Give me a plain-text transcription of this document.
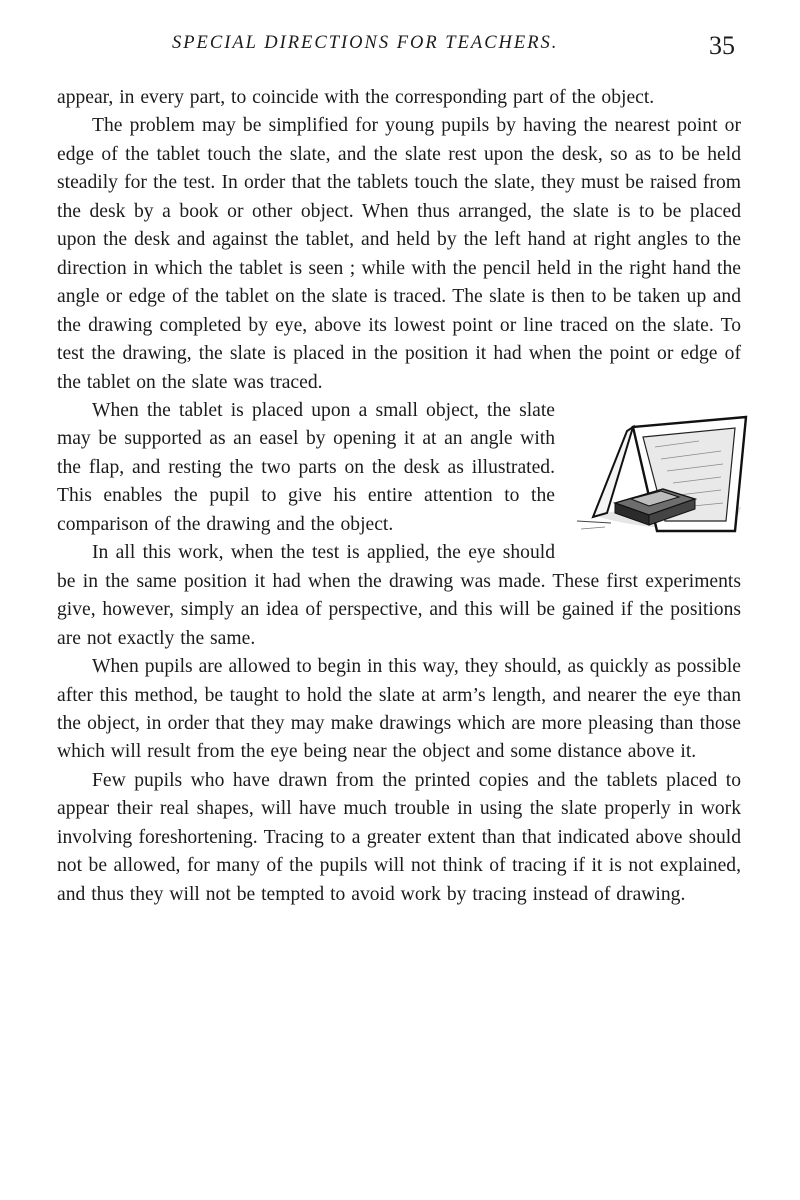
SPECIAL DIRECTIONS FOR TEACHERS.	35

appear, in every part, to coincide with the corresponding part of the object.

The problem may be simplified for young pupils by having the nearest point or edge of the tablet touch the slate, and the slate rest upon the desk, so as to be held steadily for the test. In order that the tablets touch the slate, they must be raised from the desk by a book or other object. When thus arranged, the slate is to be placed upon the desk and against the tablet, and held by the left hand at right angles to the direction in which the tablet is seen ; while with the pencil held in the right hand the angle or edge of the tablet on the slate is traced. The slate is then to be taken up and the drawing completed by eye, above its lowest point or line traced on the slate. To test the drawing, the slate is placed in the position it had when the point or edge of the tablet on the slate was traced.

When the tablet is placed upon a small object, the slate may be supported as an easel by opening it at an angle with the flap, and resting the two parts on the desk as illustrated. This enables the pupil to give his entire attention to the comparison of the drawing and the object.

In all this work, when the test is applied, the eye should be in the same position it had when the drawing was made. These first experiments give, however, simply an idea of perspective, and this will be gained if the positions are not exactly the same.

When pupils are allowed to begin in this way, they should, as quickly as possible after this method, be taught to hold the slate at arm’s length, and nearer the eye than the object, in order that they may make drawings which are more pleasing than those which will result from the eye being near the object and some distance above it.

Few pupils who have drawn from the printed copies and the tablets placed to appear their real shapes, will have much trouble in using the slate properly in work involving foreshortening. Tracing to a greater extent than that indicated above should not be allowed, for many of the pupils will not think of tracing if it is not explained, and thus they will not be tempted to avoid work by tracing instead of drawing.
